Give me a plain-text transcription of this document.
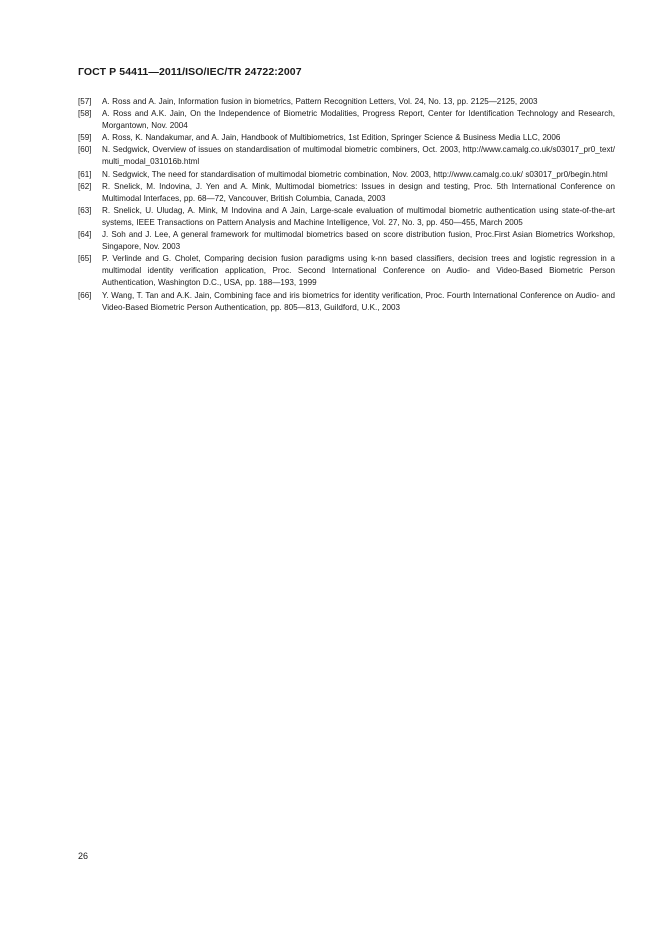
ГОСТ Р 54411—2011/ISO/IEC/TR 24722:2007
[57]	A. Ross and A. Jain, Information fusion in biometrics, Pattern Recognition Letters, Vol. 24, No. 13, pp. 2125—2125, 2003
[58]	A. Ross and A.K. Jain, On the Independence of Biometric Modalities, Progress Report, Center for Identification Technology and Research, Morgantown, Nov. 2004
[59]	A. Ross, K. Nandakumar, and A. Jain, Handbook of Multibiometrics, 1st Edition, Springer Science & Business Media LLC, 2006
[60]	N. Sedgwick, Overview of issues on standardisation of multimodal biometric combiners, Oct. 2003, http://www.camalg.co.uk/s03017_pr0_text/ multi_modal_031016b.html
[61]	N. Sedgwick, The need for standardisation of multimodal biometric combination, Nov. 2003, http://www.camalg.co.uk/ s03017_pr0/begin.html
[62]	R. Snelick, M. Indovina, J. Yen and A. Mink, Multimodal biometrics: Issues in design and testing, Proc. 5th International Conference on Multimodal Interfaces, pp. 68—72, Vancouver, British Columbia, Canada, 2003
[63]	R. Snelick, U. Uludag, A. Mink, M Indovina and A Jain, Large-scale evaluation of multimodal biometric authentication using state-of-the-art systems, IEEE Transactions on Pattern Analysis and Machine Intelligence, Vol. 27, No. 3, pp. 450—455, March 2005
[64]	J. Soh and J. Lee, A general framework for multimodal biometrics based on score distribution fusion, Proc.First Asian Biometrics Workshop, Singapore, Nov. 2003
[65]	P. Verlinde and G. Cholet, Comparing decision fusion paradigms using k-nn based classifiers, decision trees and logistic regression in a multimodal identity verification application, Proc. Second International Conference on Audio- and Video-Based Biometric Person Authentication, Washington D.C., USA, pp. 188—193, 1999
[66]	Y. Wang, T. Tan and A.K. Jain, Combining face and iris biometrics for identity verification, Proc. Fourth International Conference on Audio- and Video-Based Biometric Person Authentication, pp. 805—813, Guildford, U.K., 2003
26
